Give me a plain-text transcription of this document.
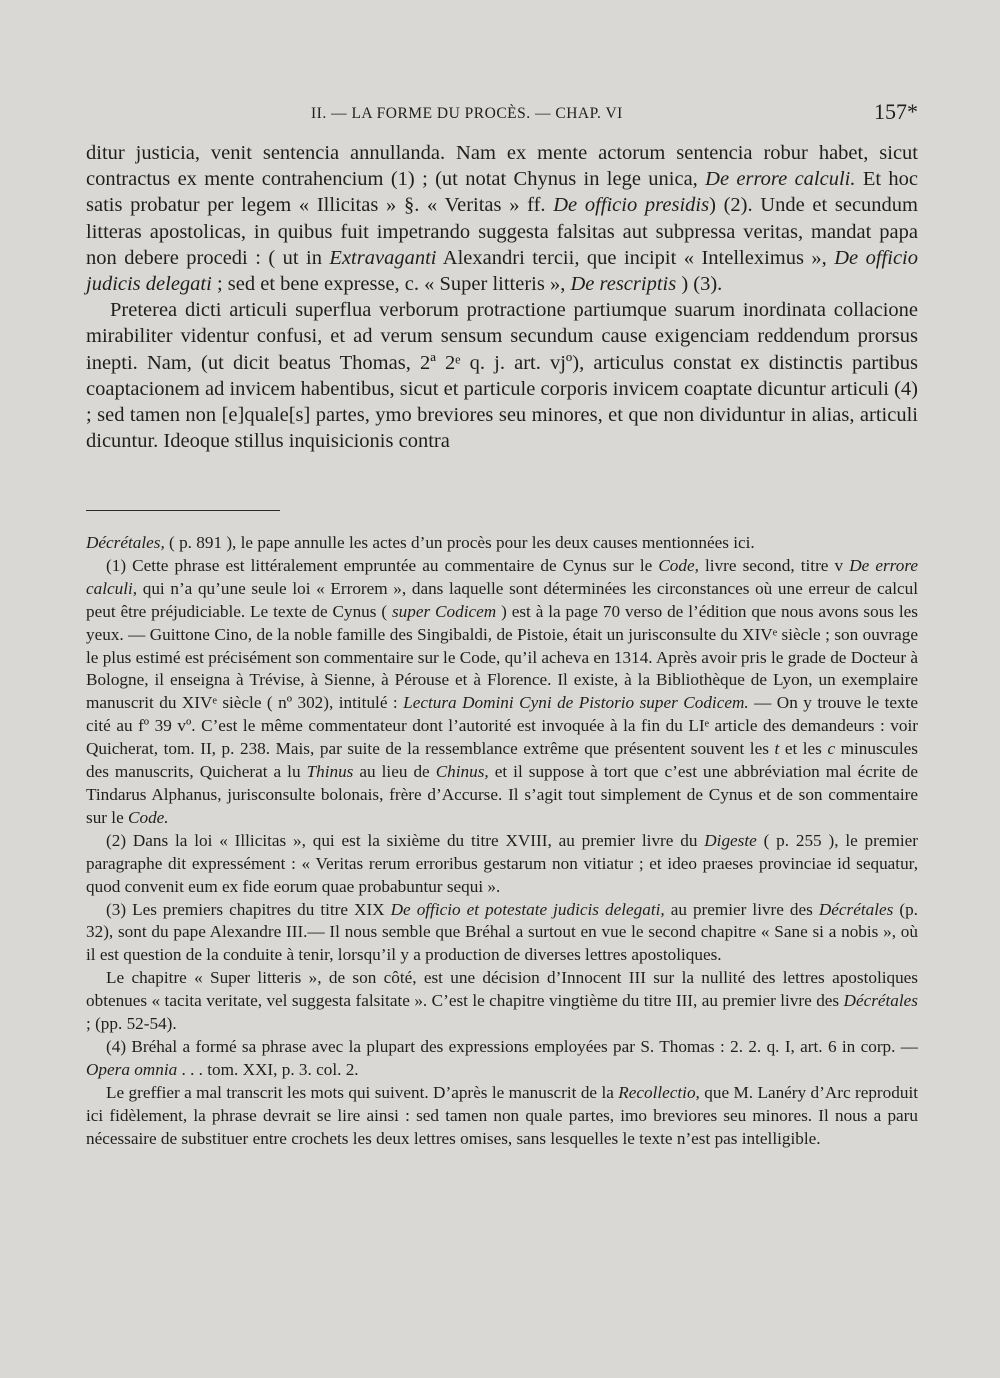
II. — LA FORME DU PROCÈS. — CHAP. VI	157*

ditur justicia, venit sentencia annullanda. Nam ex mente actorum sentencia robur habet, sicut contractus ex mente contrahencium (1) ; (ut notat Chynus in lege unica, De errore calculi. Et hoc satis probatur per legem « Illicitas » §. « Veritas » ff. De officio presidis) (2). Unde et secundum litteras apostolicas, in quibus fuit impetrando suggesta falsitas aut subpressa veritas, mandat papa non debere procedi : ( ut in Extravaganti Alexandri tercii, que incipit « Intelleximus », De officio judicis delegati ; sed et bene expresse, c. « Super litteris », De rescriptis ) (3).

Preterea dicti articuli superflua verborum protractione partiumque suarum inordinata collacione mirabiliter videntur confusi, et ad verum sensum secundum cause exigenciam reddendum prorsus inepti. Nam, (ut dicit beatus Thomas, 2ª 2ᵉ q. j. art. vjº), articulus constat ex distinctis partibus coaptacionem ad invicem habentibus, sicut et particule corporis invicem coaptate dicuntur articuli (4) ; sed tamen non [e]quale[s] partes, ymo breviores seu minores, et que non dividuntur in alias, articuli dicuntur. Ideoque stillus inquisicionis contra

Décrétales, ( p. 891 ), le pape annulle les actes d’un procès pour les deux causes mentionnées ici.

(1) Cette phrase est littéralement empruntée au commentaire de Cynus sur le Code, livre second, titre v De errore calculi, qui n’a qu’une seule loi « Errorem », dans laquelle sont déterminées les circonstances où une erreur de calcul peut être préjudiciable. Le texte de Cynus ( super Codicem ) est à la page 70 verso de l’édition que nous avons sous les yeux. — Guittone Cino, de la noble famille des Singibaldi, de Pistoie, était un jurisconsulte du XIVᵉ siècle ; son ouvrage le plus estimé est précisément son commentaire sur le Code, qu’il acheva en 1314. Après avoir pris le grade de Docteur à Bologne, il enseigna à Trévise, à Sienne, à Pérouse et à Florence. Il existe, à la Bibliothèque de Lyon, un exemplaire manuscrit du XIVᵉ siècle ( nº 302), intitulé : Lectura Domini Cyni de Pistorio super Codicem. — On y trouve le texte cité au fº 39 vº. C’est le même commentateur dont l’autorité est invoquée à la fin du LIᵉ article des demandeurs : voir Quicherat, tom. II, p. 238. Mais, par suite de la ressemblance extrême que présentent souvent les t et les c minuscules des manuscrits, Quicherat a lu Thinus au lieu de Chinus, et il suppose à tort que c’est une abbréviation mal écrite de Tindarus Alphanus, jurisconsulte bolonais, frère d’Accurse. Il s’agit tout simplement de Cynus et de son commentaire sur le Code.

(2) Dans la loi « Illicitas », qui est la sixième du titre XVIII, au premier livre du Digeste ( p. 255 ), le premier paragraphe dit expressément : « Veritas rerum erroribus gestarum non vitiatur ; et ideo praeses provinciae id sequatur, quod convenit eum ex fide eorum quae probabuntur sequi ».

(3) Les premiers chapitres du titre XIX De officio et potestate judicis delegati, au premier livre des Décrétales (p. 32), sont du pape Alexandre III.— Il nous semble que Bréhal a surtout en vue le second chapitre « Sane si a nobis », où il est question de la conduite à tenir, lorsqu’il y a production de diverses lettres apostoliques.

Le chapitre « Super litteris », de son côté, est une décision d’Innocent III sur la nullité des lettres apostoliques obtenues « tacita veritate, vel suggesta falsitate ». C’est le chapitre vingtième du titre III, au premier livre des Décrétales ; (pp. 52-54).

(4) Bréhal a formé sa phrase avec la plupart des expressions employées par S. Thomas : 2. 2. q. I, art. 6 in corp. — Opera omnia . . . tom. XXI, p. 3. col. 2.

Le greffier a mal transcrit les mots qui suivent. D’après le manuscrit de la Recollectio, que M. Lanéry d’Arc reproduit ici fidèlement, la phrase devrait se lire ainsi : sed tamen non quale partes, imo breviores seu minores. Il nous a paru nécessaire de substituer entre crochets les deux lettres omises, sans lesquelles le texte n’est pas intelligible.
